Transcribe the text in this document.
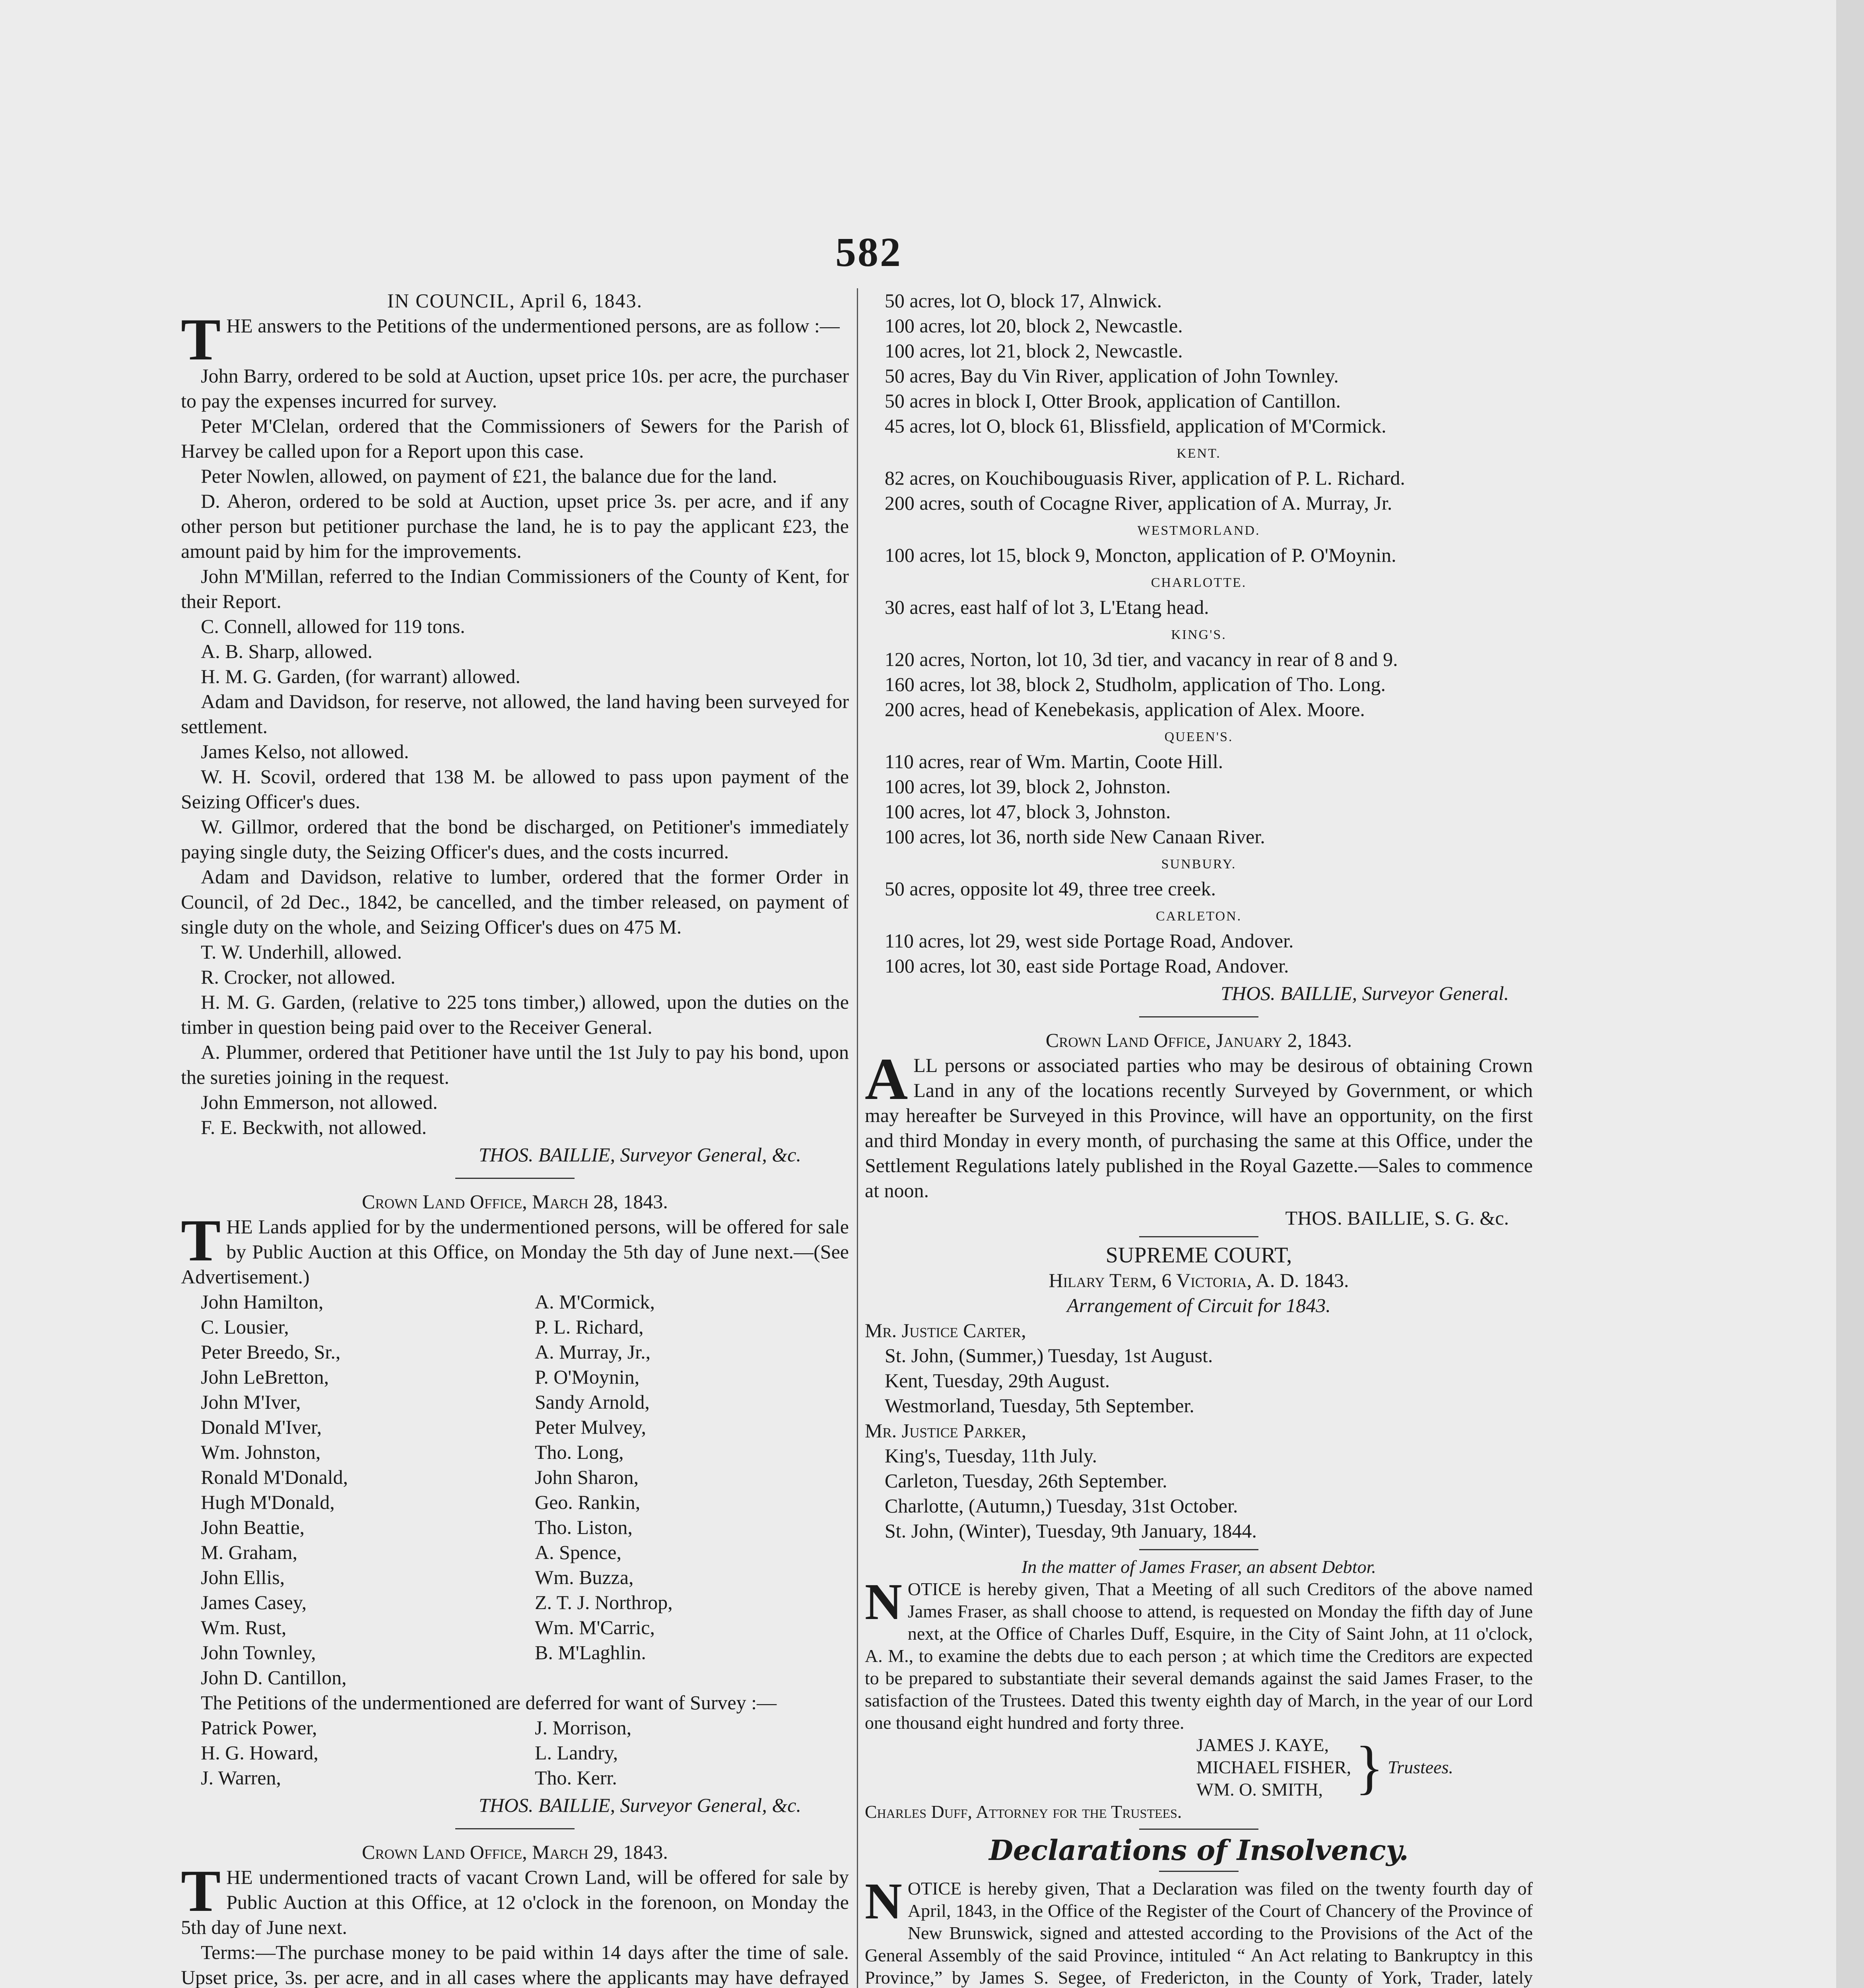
582
IN COUNCIL, April 6, 1843.

THE answers to the Petitions of the undermentioned persons, are as follow :—

John Barry, ordered to be sold at Auction, upset price 10s. per acre, the purchaser to pay the expenses incurred for survey.
Peter M'Clelan, ordered that the Commissioners of Sewers for the Parish of Harvey be called upon for a Report upon this case.
Peter Nowlen, allowed, on payment of £21, the balance due for the land.
D. Aheron, ordered to be sold at Auction, upset price 3s. per acre, and if any other person but petitioner purchase the land, he is to pay the applicant £23, the amount paid by him for the improvements.
John M'Millan, referred to the Indian Commissioners of the County of Kent, for their Report.
C. Connell, allowed for 119 tons.
A. B. Sharp, allowed.
H. M. G. Garden, (for warrant) allowed.
Adam and Davidson, for reserve, not allowed, the land having been surveyed for settlement.
James Kelso, not allowed.
W. H. Scovil, ordered that 138 M. be allowed to pass upon payment of the Seizing Officer's dues.
W. Gillmor, ordered that the bond be discharged, on Petitioner's immediately paying single duty, the Seizing Officer's dues, and the costs incurred.
Adam and Davidson, relative to lumber, ordered that the former Order in Council, of 2d Dec., 1842, be cancelled, and the timber released, on payment of single duty on the whole, and Seizing Officer's dues on 475 M.
T. W. Underhill, allowed.
R. Crocker, not allowed.
H. M. G. Garden, (relative to 225 tons timber,) allowed, upon the duties on the timber in question being paid over to the Receiver General.
A. Plummer, ordered that Petitioner have until the 1st July to pay his bond, upon the sureties joining in the request.
John Emmerson, not allowed.
F. E. Beckwith, not allowed.

THOS. BAILLIE, Surveyor General, &c.

Crown Land Office, March 28, 1843.

THE Lands applied for by the undermentioned persons, will be offered for sale by Public Auction at this Office, on Monday the 5th day of June next.—(See Advertisement.)

John Hamilton,	A. M'Cormick,
C. Lousier,	P. L. Richard,
Peter Breedo, Sr.,	A. Murray, Jr.,
John LeBretton,	P. O'Moynin,
John M'Iver,	Sandy Arnold,
Donald M'Iver,	Peter Mulvey,
Wm. Johnston,	Tho. Long,
Ronald M'Donald,	John Sharon,
Hugh M'Donald,	Geo. Rankin,
John Beattie,	Tho. Liston,
M. Graham,	A. Spence,
John Ellis,	Wm. Buzza,
James Casey,	Z. T. J. Northrop,
Wm. Rust,	Wm. M'Carric,
John Townley,	B. M'Laghlin.
John D. Cantillon,

The Petitions of the undermentioned are deferred for want of Survey :—

Patrick Power,	J. Morrison,
H. G. Howard,	L. Landry,
J. Warren,	Tho. Kerr.

THOS. BAILLIE, Surveyor General, &c.

Crown Land Office, March 29, 1843.

THE undermentioned tracts of vacant Crown Land, will be offered for sale by Public Auction at this Office, at 12 o'clock in the forenoon, on Monday the 5th day of June next.

Terms:—The purchase money to be paid within 14 days after the time of sale. Upset price, 3s. per acre, and in all cases where the applicants may have defrayed

50 acres, lot O, block 17, Alnwick.
100 acres, lot 20, block 2, Newcastle.
100 acres, lot 21, block 2, Newcastle.
50 acres, Bay du Vin River, application of John Townley.
50 acres in block I, Otter Brook, application of Cantillon.
45 acres, lot O, block 61, Blissfield, application of M'Cormick.
KENT.
82 acres, on Kouchibouguasis River, application of P. L. Richard.
200 acres, south of Cocagne River, application of A. Murray, Jr.
WESTMORLAND.
100 acres, lot 15, block 9, Moncton, application of P. O'Moynin.
CHARLOTTE.
30 acres, east half of lot 3, L'Etang head.
KING'S.
120 acres, Norton, lot 10, 3d tier, and vacancy in rear of 8 and 9.
160 acres, lot 38, block 2, Studholm, application of Tho. Long.
200 acres, head of Kenebekasis, application of Alex. Moore.
QUEEN'S.
110 acres, rear of Wm. Martin, Coote Hill.
100 acres, lot 39, block 2, Johnston.
100 acres, lot 47, block 3, Johnston.
100 acres, lot 36, north side New Canaan River.
SUNBURY.
50 acres, opposite lot 49, three tree creek.
CARLETON.
110 acres, lot 29, west side Portage Road, Andover.
100 acres, lot 30, east side Portage Road, Andover.

THOS. BAILLIE, Surveyor General.

Crown Land Office, January 2, 1843.

ALL persons or associated parties who may be desirous of obtaining Crown Land in any of the locations recently Surveyed by Government, or which may hereafter be Surveyed in this Province, will have an opportunity, on the first and third Monday in every month, of purchasing the same at this Office, under the Settlement Regulations lately published in the Royal Gazette.—Sales to commence at noon.

THOS. BAILLIE, S. G. &c.

SUPREME COURT,
Hilary Term, 6 Victoria, A. D. 1843.
Arrangement of Circuit for 1843.
Mr. Justice Carter,
St. John, (Summer,) Tuesday, 1st August.
Kent, Tuesday, 29th August.
Westmorland, Tuesday, 5th September.
Mr. Justice Parker,
King's, Tuesday, 11th July.
Carleton, Tuesday, 26th September.
Charlotte, (Autumn,) Tuesday, 31st October.
St. John, (Winter), Tuesday, 9th January, 1844.
In the matter of James Fraser, an absent Debtor.

NOTICE is hereby given, That a Meeting of all such Creditors of the above named James Fraser, as shall choose to attend, is requested on Monday the fifth day of June next, at the Office of Charles Duff, Esquire, in the City of Saint John, at 11 o'clock, A. M., to examine the debts due to each person ; at which time the Creditors are expected to be prepared to substantiate their several demands against the said James Fraser, to the satisfaction of the Trustees. Dated this twenty eighth day of March, in the year of our Lord one thousand eight hundred and forty three.

JAMES J. KAYE,
MICHAEL FISHER,
WM. O. SMITH, } Trustees.
Charles Duff, Attorney for the Trustees.
Declarations of Insolvency.

NOTICE is hereby given, That a Declaration was filed on the twenty fourth day of April, 1843, in the Office of the Register of the Court of Chancery of the Province of New Brunswick, signed and attested according to the Provisions of the Act of the General Assembly of the said Province, intituled “ An Act relating to Bankruptcy in this Province,” by James S. Segee, of Fredericton, in the County of York, Trader, lately
